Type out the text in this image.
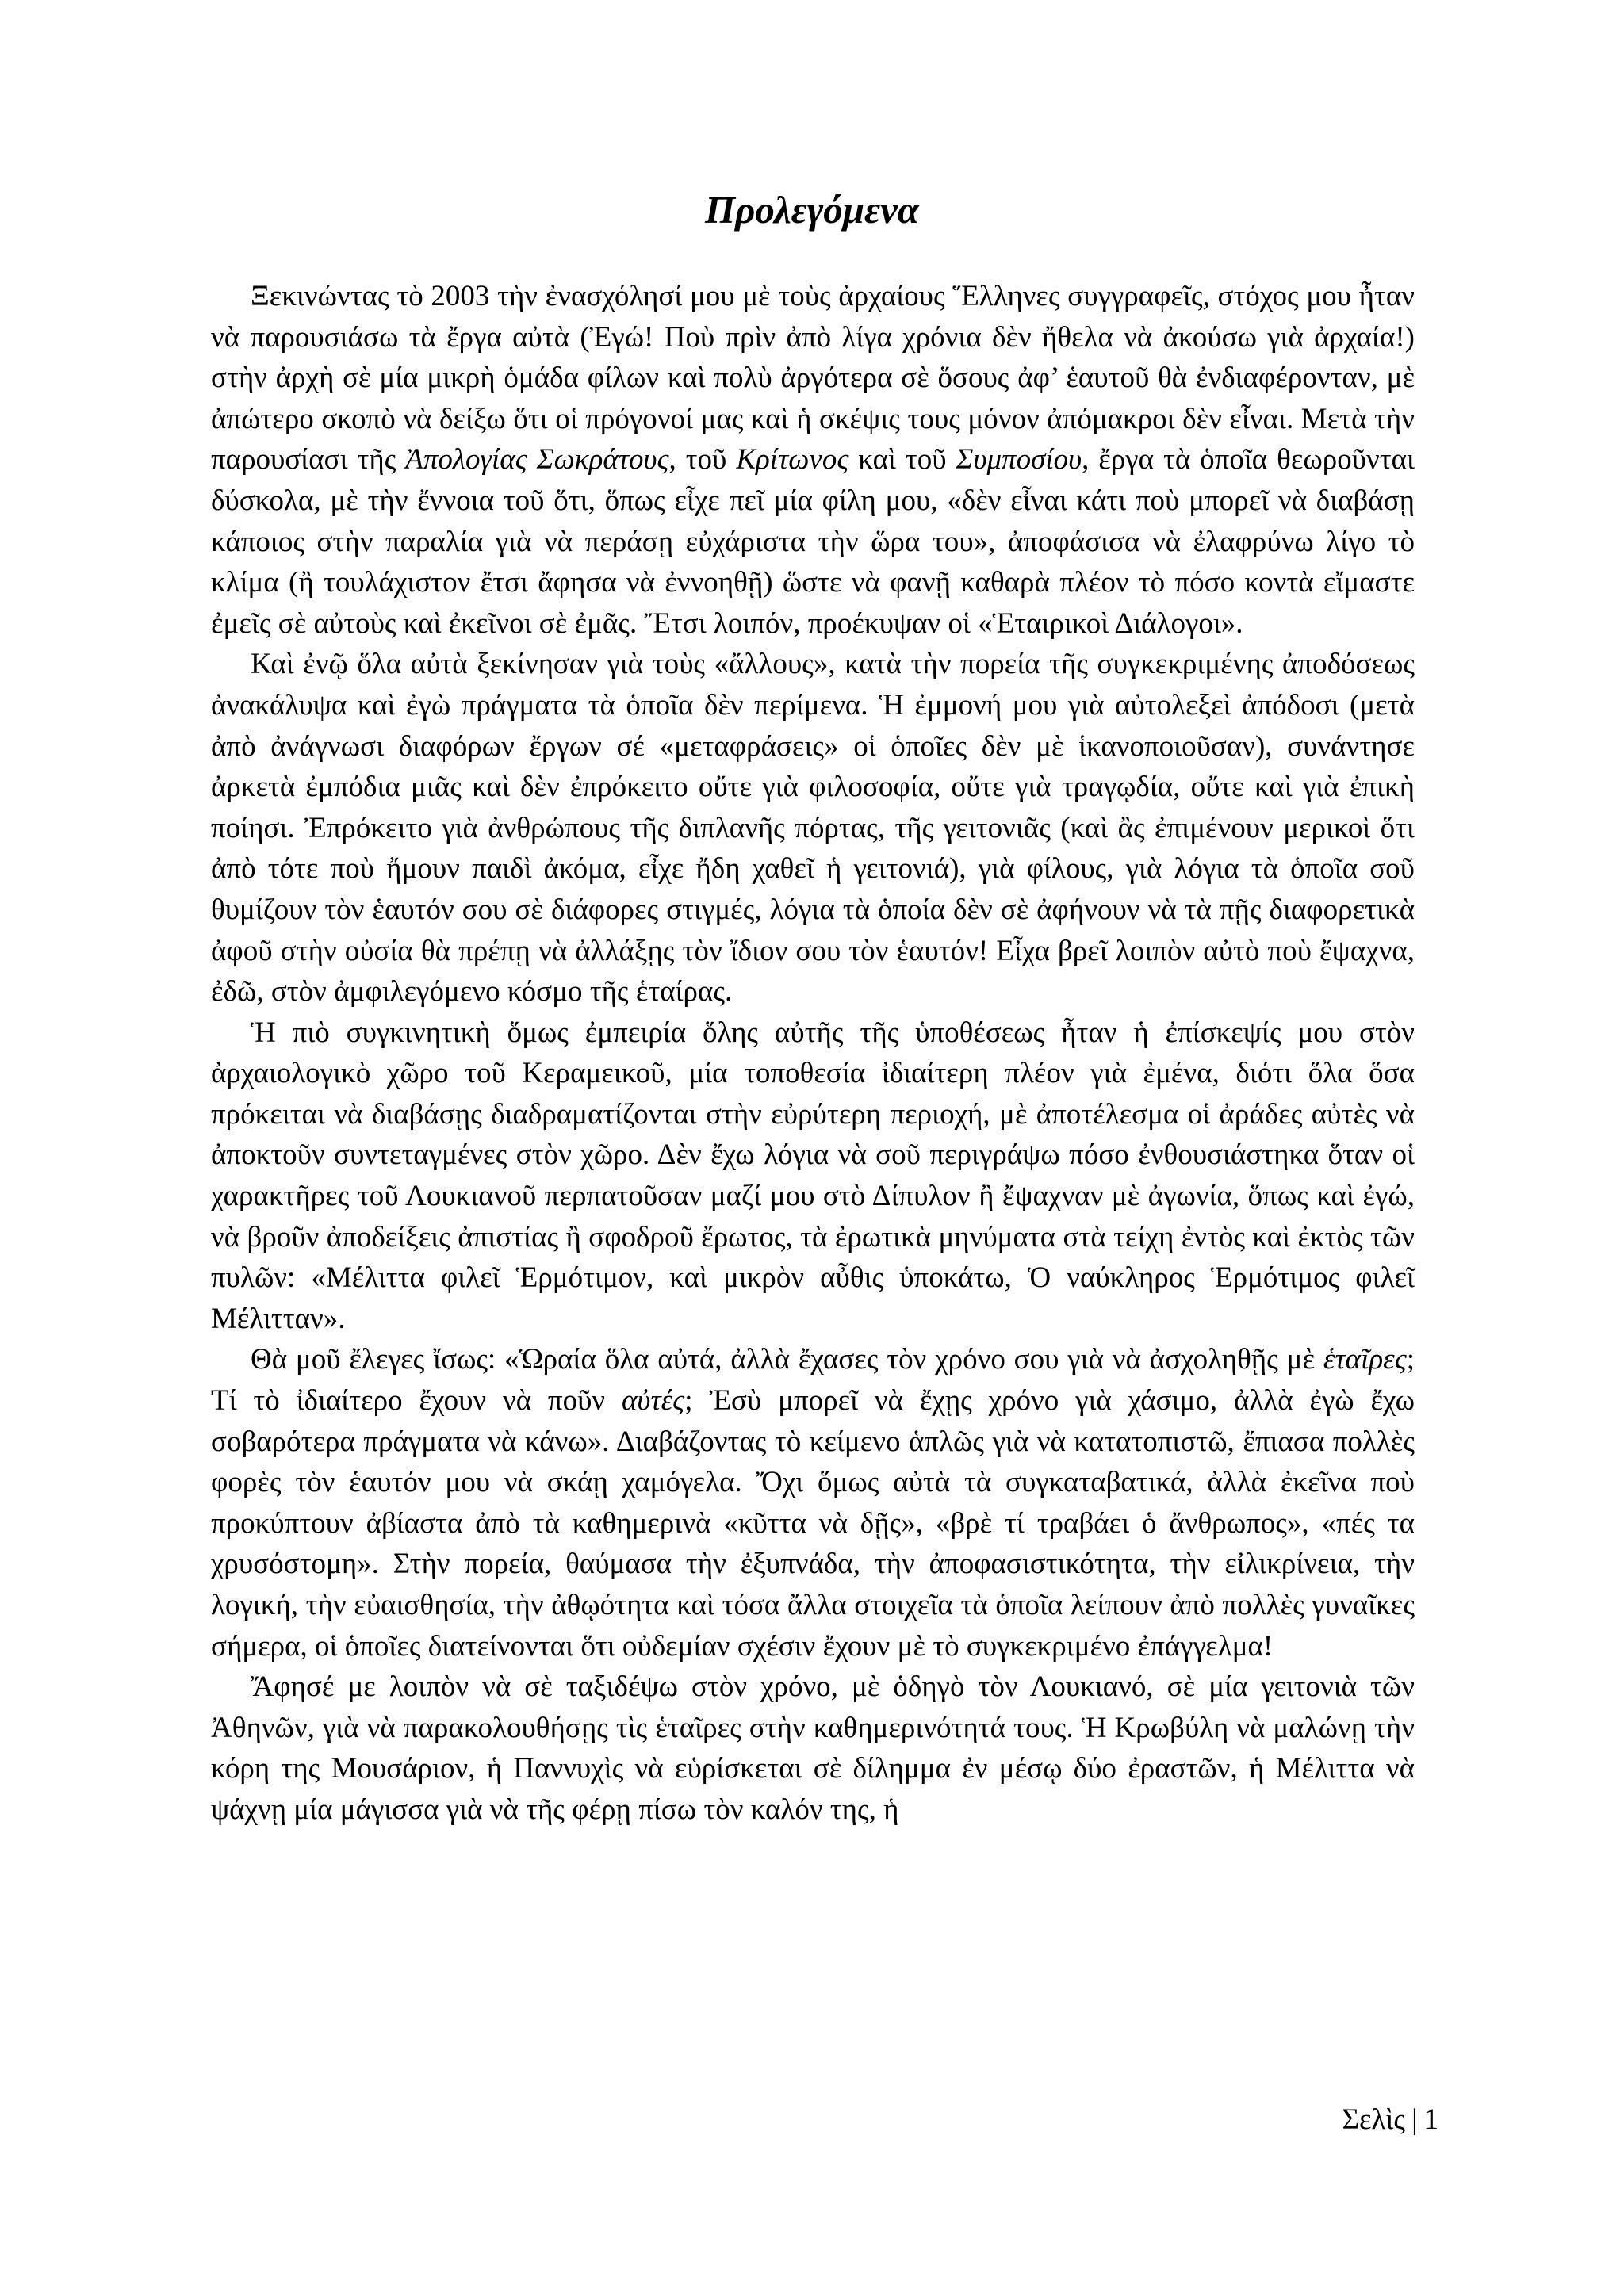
Προλεγόμενα

Ξεκινώντας τὸ 2003 τὴν ἐνασχόλησί μου μὲ τοὺς ἀρχαίους Ἕλληνες συγγραφεῖς, στόχος μου ἦταν νὰ παρουσιάσω τὰ ἔργα αὐτὰ (Ἐγώ! Ποὺ πρὶν ἀπὸ λίγα χρόνια δὲν ἤθελα νὰ ἀκούσω γιὰ ἀρχαία!) στὴν ἀρχὴ σὲ μία μικρὴ ὁμάδα φίλων καὶ πολὺ ἀργότερα σὲ ὅσους ἀφ’ ἑαυτοῦ θὰ ἐνδιαφέρονταν, μὲ ἀπώτερο σκοπὸ νὰ δείξω ὅτι οἱ πρόγονοί μας καὶ ἡ σκέψις τους μόνον ἀπόμακροι δὲν εἶναι. Μετὰ τὴν παρουσίασι τῆς Ἀπολογίας Σωκράτους, τοῦ Κρίτωνος καὶ τοῦ Συμποσίου, ἔργα τὰ ὁποῖα θεωροῦνται δύσκολα, μὲ τὴν ἔννοια τοῦ ὅτι, ὅπως εἶχε πεῖ μία φίλη μου, «δὲν εἶναι κάτι ποὺ μπορεῖ νὰ διαβάσῃ κάποιος στὴν παραλία γιὰ νὰ περάσῃ εὐχάριστα τὴν ὥρα του», ἀποφάσισα νὰ ἐλαφρύνω λίγο τὸ κλίμα (ἢ τουλάχιστον ἔτσι ἄφησα νὰ ἐννοηθῇ) ὥστε νὰ φανῇ καθαρὰ πλέον τὸ πόσο κοντὰ εἴμαστε ἐμεῖς σὲ αὐτοὺς καὶ ἐκεῖνοι σὲ ἐμᾶς. Ἔτσι λοιπόν, προέκυψαν οἱ «Ἑταιρικοὶ Διάλογοι».

Καὶ ἐνῷ ὅλα αὐτὰ ξεκίνησαν γιὰ τοὺς «ἄλλους», κατὰ τὴν πορεία τῆς συγκεκριμένης ἀποδόσεως ἀνακάλυψα καὶ ἐγὼ πράγματα τὰ ὁποῖα δὲν περίμενα. Ἡ ἐμμονή μου γιὰ αὐτολεξεὶ ἀπόδοσι (μετὰ ἀπὸ ἀνάγνωσι διαφόρων ἔργων σέ «μεταφράσεις» οἱ ὁποῖες δὲν μὲ ἱκανοποιοῦσαν), συνάντησε ἀρκετὰ ἐμπόδια μιᾶς καὶ δὲν ἐπρόκειτο οὔτε γιὰ φιλοσοφία, οὔτε γιὰ τραγῳδία, οὔτε καὶ γιὰ ἐπικὴ ποίησι. Ἐπρόκειτο γιὰ ἀνθρώπους τῆς διπλανῆς πόρτας, τῆς γειτονιᾶς (καὶ ἂς ἐπιμένουν μερικοὶ ὅτι ἀπὸ τότε ποὺ ἤμουν παιδὶ ἀκόμα, εἶχε ἤδη χαθεῖ ἡ γειτονιά), γιὰ φίλους, γιὰ λόγια τὰ ὁποῖα σοῦ θυμίζουν τὸν ἑαυτόν σου σὲ διάφορες στιγμές, λόγια τὰ ὁποία δὲν σὲ ἀφήνουν νὰ τὰ πῇς διαφορετικὰ ἀφοῦ στὴν οὐσία θὰ πρέπῃ νὰ ἀλλάξῃς τὸν ἴδιον σου τὸν ἑαυτόν! Εἶχα βρεῖ λοιπὸν αὐτὸ ποὺ ἔψαχνα, ἐδῶ, στὸν ἀμφιλεγόμενο κόσμο τῆς ἑταίρας.

Ἡ πιὸ συγκινητικὴ ὅμως ἐμπειρία ὅλης αὐτῆς τῆς ὑποθέσεως ἦταν ἡ ἐπίσκεψίς μου στὸν ἀρχαιολογικὸ χῶρο τοῦ Κεραμεικοῦ, μία τοποθεσία ἰδιαίτερη πλέον γιὰ ἐμένα, διότι ὅλα ὅσα πρόκειται νὰ διαβάσῃς διαδραματίζονται στὴν εὐρύτερη περιοχή, μὲ ἀποτέλεσμα οἱ ἀράδες αὐτὲς νὰ ἀποκτοῦν συντεταγμένες στὸν χῶρο. Δὲν ἔχω λόγια νὰ σοῦ περιγράψω πόσο ἐνθουσιάστηκα ὅταν οἱ χαρακτῆρες τοῦ Λουκιανοῦ περπατοῦσαν μαζί μου στὸ Δίπυλον ἢ ἔψαχναν μὲ ἀγωνία, ὅπως καὶ ἐγώ, νὰ βροῦν ἀποδείξεις ἀπιστίας ἢ σφοδροῦ ἔρωτος, τὰ ἐρωτικὰ μηνύματα στὰ τείχη ἐντὸς καὶ ἐκτὸς τῶν πυλῶν: «Μέλιττα φιλεῖ Ἑρμότιμον, καὶ μικρὸν αὖθις ὑποκάτω, Ὁ ναύκληρος Ἑρμότιμος φιλεῖ Μέλιτταν».

Θὰ μοῦ ἔλεγες ἴσως: «Ὡραία ὅλα αὐτά, ἀλλὰ ἔχασες τὸν χρόνο σου γιὰ νὰ ἀσχοληθῇς μὲ ἑταῖρες; Τί τὸ ἰδιαίτερο ἔχουν νὰ ποῦν αὐτές; Ἐσὺ μπορεῖ νὰ ἔχῃς χρόνο γιὰ χάσιμο, ἀλλὰ ἐγὼ ἔχω σοβαρότερα πράγματα νὰ κάνω». Διαβάζοντας τὸ κείμενο ἁπλῶς γιὰ νὰ κατατοπιστῶ, ἔπιασα πολλὲς φορὲς τὸν ἑαυτόν μου νὰ σκάῃ χαμόγελα. Ὄχι ὅμως αὐτὰ τὰ συγκαταβατικά, ἀλλὰ ἐκεῖνα ποὺ προκύπτουν ἀβίαστα ἀπὸ τὰ καθημερινὰ «κῦττα νὰ δῇς», «βρὲ τί τραβάει ὁ ἄνθρωπος», «πές τα χρυσόστομη». Στὴν πορεία, θαύμασα τὴν ἐξυπνάδα, τὴν ἀποφασιστικότητα, τὴν εἰλικρίνεια, τὴν λογική, τὴν εὐαισθησία, τὴν ἀθῳότητα καὶ τόσα ἄλλα στοιχεῖα τὰ ὁποῖα λείπουν ἀπὸ πολλὲς γυναῖκες σήμερα, οἱ ὁποῖες διατείνονται ὅτι οὐδεμίαν σχέσιν ἔχουν μὲ τὸ συγκεκριμένο ἐπάγγελμα!

Ἄφησέ με λοιπὸν νὰ σὲ ταξιδέψω στὸν χρόνο, μὲ ὁδηγὸ τὸν Λουκιανό, σὲ μία γειτονιὰ τῶν Ἀθηνῶν, γιὰ νὰ παρακολουθήσῃς τὶς ἑταῖρες στὴν καθημερινότητά τους. Ἡ Κρωβύλη νὰ μαλώνῃ τὴν κόρη της Μουσάριον, ἡ Παννυχὶς νὰ εὑρίσκεται σὲ δίλημμα ἐν μέσῳ δύο ἐραστῶν, ἡ Μέλιττα νὰ ψάχνῃ μία μάγισσα γιὰ νὰ τῆς φέρῃ πίσω τὸν καλόν της, ἡ

Σελὶς | 1
